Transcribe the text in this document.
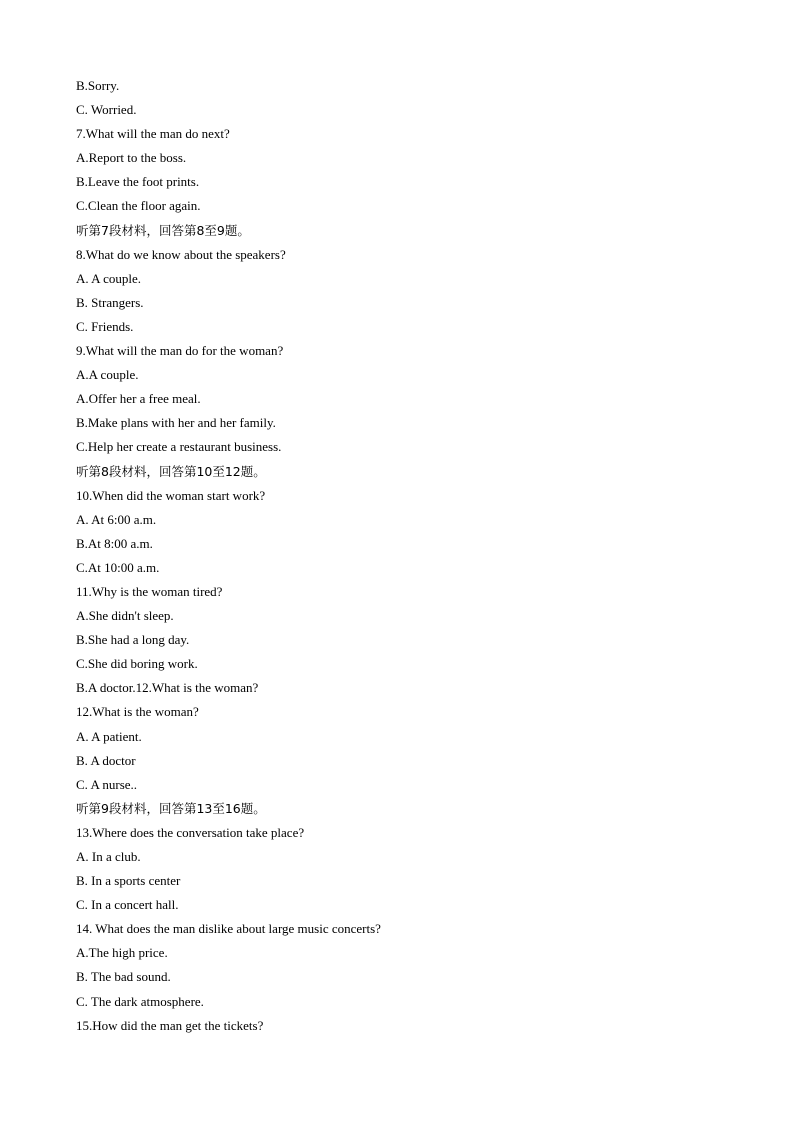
B.Sorry.
C. Worried.
7.What will the man do next?
A.Report to the boss.
B.Leave the foot prints.
C.Clean the floor again.
听第7段材料，回答第8至9题。
8.What do we know about the speakers?
A. A couple.
B. Strangers.
C. Friends.
9.What will the man do for the woman?
A.A couple.
A.Offer her a free meal.
B.Make plans with her and her family.
C.Help her create a restaurant business.
听第8段材料，回答第10至12题。
10.When did the woman start work?
A. At 6:00 a.m.
B.At 8:00 a.m.
C.At 10:00 a.m.
11.Why is the woman tired?
A.She didn't sleep.
B.She had a long day.
C.She did boring work.
B.A doctor.12.What is the woman?
12.What is the woman?
A. A patient.
B. A doctor
C. A nurse..
听第9段材料，回答第13至16题。
13.Where does the conversation take place?
A. In a club.
B. In a sports center
C. In a concert hall.
14. What does the man dislike about large music concerts?
A.The high price.
B. The bad sound.
C. The dark atmosphere.
15.How did the man get the tickets?
